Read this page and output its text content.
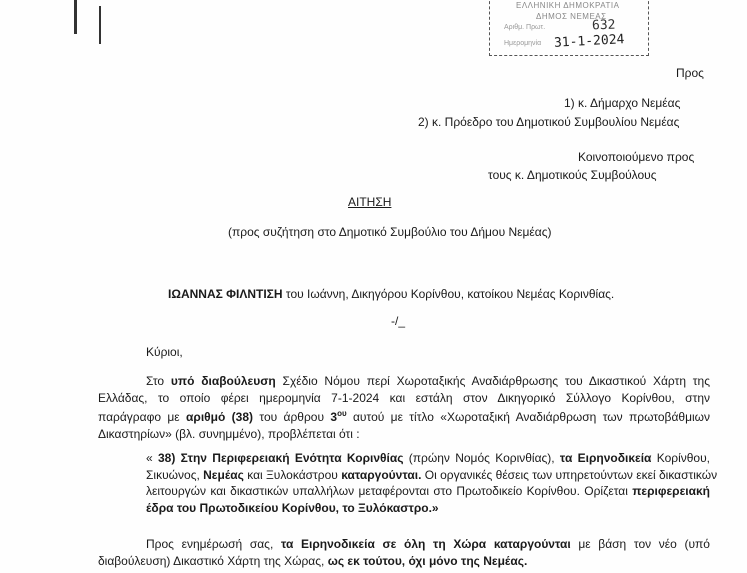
ΕΛΛΗΝΙΚΗ ΔΗΜΟΚΡΑΤΙΑ
ΔΗΜΟΣ ΝΕΜΕΑΣ
Αριθμ. Πρωτ.	632
Ημερομηνία 31-1-2024
Προς
1) κ. Δήμαρχο Νεμέας
2) κ. Πρόεδρο του Δημοτικού Συμβουλίου Νεμέας
Κοινοποιούμενο προς
τους κ. Δημοτικούς Συμβούλους
ΑΙΤΗΣΗ
(προς συζήτηση στο Δημοτικό Συμβούλιο του Δήμου Νεμέας)
ΙΩΑΝΝΑΣ ΦΙΛΝΤΙΣΗ του Ιωάννη, Δικηγόρου Κορίνθου, κατοίκου Νεμέας Κορινθίας.
-/_
Κύριοι,
Στο υπό διαβούλευση Σχέδιο Νόμου περί Χωροταξικής Αναδιάρθρωσης του Δικαστικού Χάρτη της
Ελλάδας, το οποίο φέρει ημερομηνία 7-1-2024 και εστάλη στον Δικηγορικό Σύλλογο Κορίνθου, στην
παράγραφο με αριθμό (38) του άρθρου $3^{o\upsilon}$ αυτού με τίτλο «Χωροταξική Αναδιάρθρωση των πρωτοβάθμιων
Δικαστηρίων» (βλ. συνημμένο), προβλέπεται ότι :
« 38) Στην Περιφερειακή Ενότητα Κορινθίας (πρώην Νομός Κορινθίας), τα Ειρηνοδικεία Κορίνθου,
Σικυώνος, Νεμέας και Ξυλοκάστρου καταργούνται. Οι οργανικές θέσεις των υπηρετούντων εκεί δικαστικών
λειτουργών και δικαστικών υπαλλήλων μεταφέρονται στο Πρωτοδικείο Κορίνθου. Ορίζεται περιφερειακή
έδρα του Πρωτοδικείου Κορίνθου, το Ξυλόκαστρο.»
Προς ενημέρωσή σας, τα Ειρηνοδικεία σε όλη τη Χώρα καταργούνται με βάση τον νέο (υπό
διαβούλευση) Δικαστικό Χάρτη της Χώρας, ως εκ τούτου, όχι μόνο της Νεμέας.
